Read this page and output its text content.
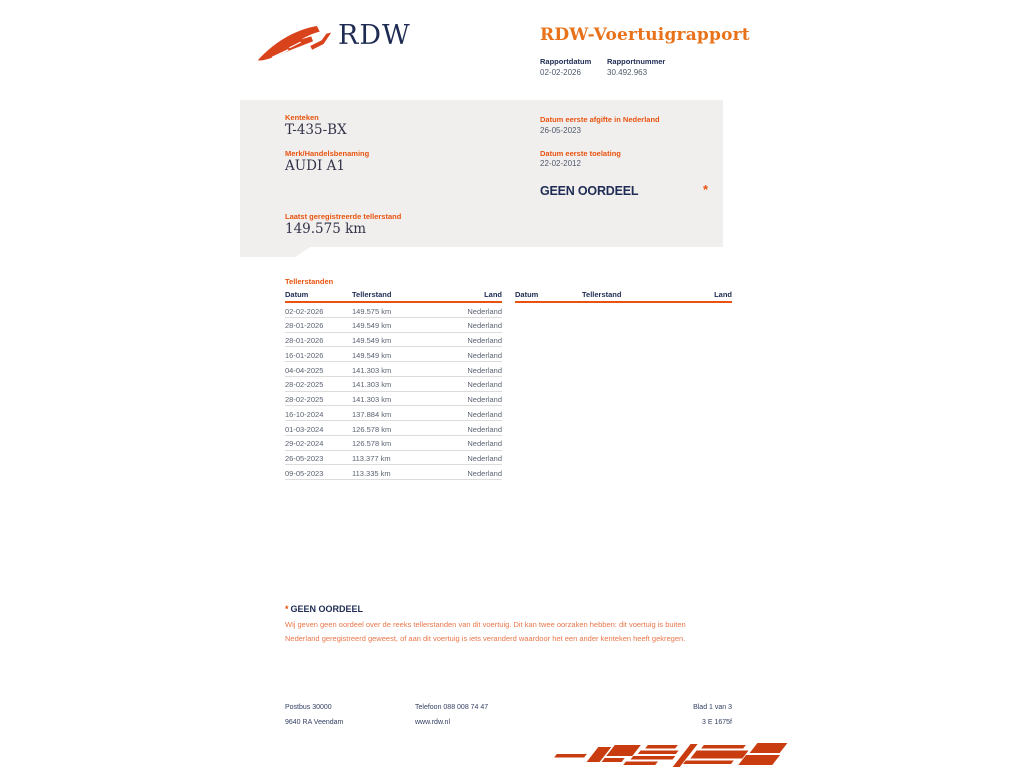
RDW	RDW-Voertuigrapport
Rapportdatum Rapportnummer
02-02-2026	30.492.963
Kenteken
T-435-BX
Merk/Handelsbenaming
AUDI A1
Laatst geregistreerde tellerstand
149.575 km
Datum eerste afgifte in Nederland
26-05-2023
Datum eerste toelating
22-02-2012
GEEN OORDEEL	*
Tellerstanden
Datum	Tellerstand	Land
02-02-2026	149.575 km	Nederland
28-01-2026	149.549 km	Nederland
28-01-2026	149.549 km	Nederland
16-01-2026	149.549 km	Nederland
04-04-2025	141.303 km	Nederland
28-02-2025	141.303 km	Nederland
28-02-2025	141.303 km	Nederland
16-10-2024	137.884 km	Nederland
01-03-2024	126.578 km	Nederland
29-02-2024	126.578 km	Nederland
26-05-2023	113.377 km	Nederland
09-05-2023	113.335 km	Nederland
Datum	Tellerstand	Land
* GEEN OORDEEL
Wij geven geen oordeel over de reeks tellerstanden van dit voertuig. Dit kan twee oorzaken hebben: dit voertuig is buiten Nederland geregistreerd geweest, of aan dit voertuig is iets veranderd waardoor het een ander kenteken heeft gekregen.
Postbus 30000
9640 RA Veendam
Telefoon 088 008 74 47
www.rdw.nl
Blad 1 van 3
3 E 1675f
